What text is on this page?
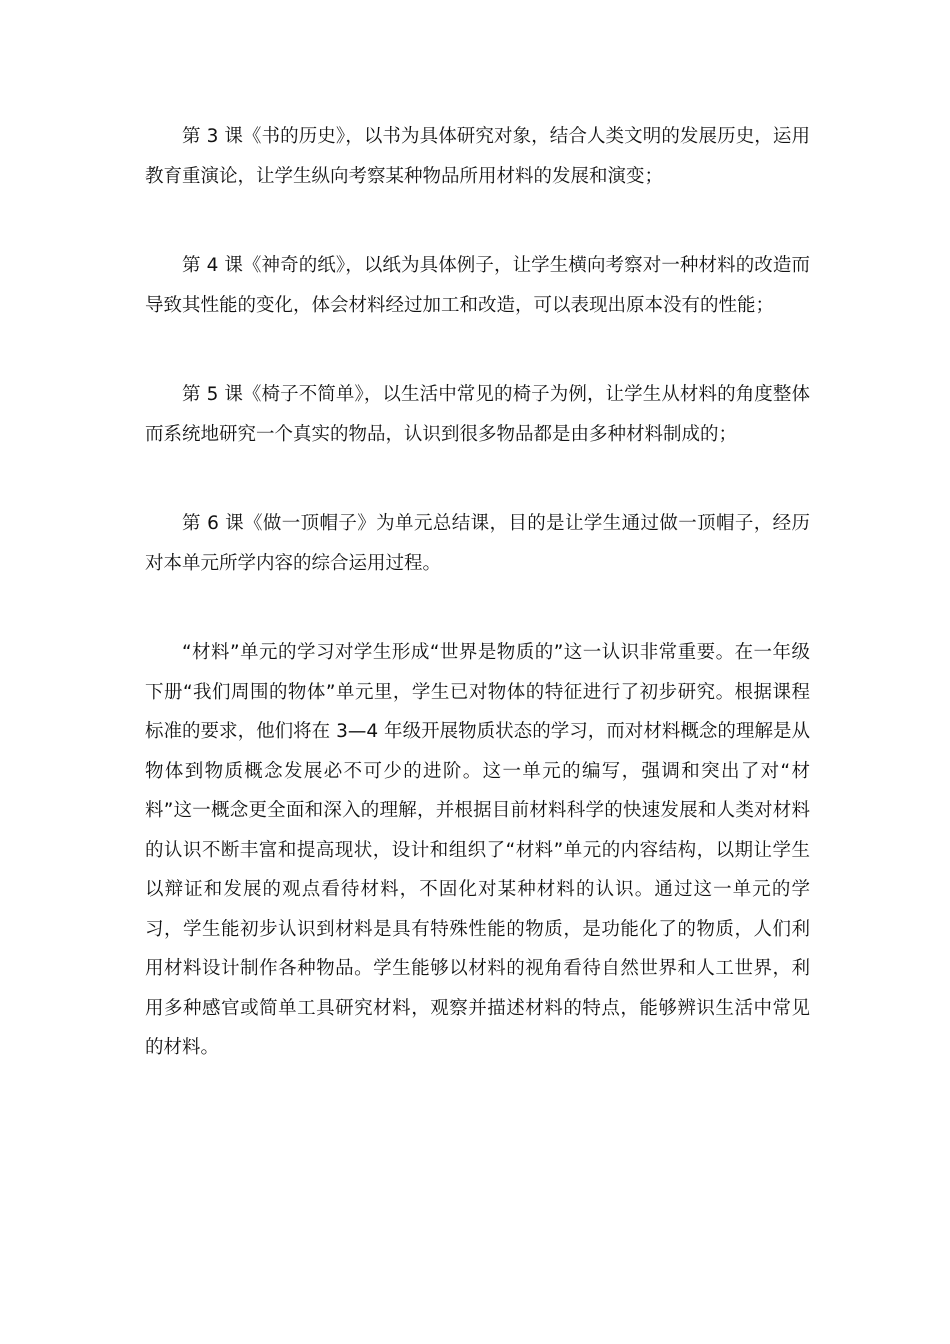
第 3 课《书的历史》，以书为具体研究对象，结合人类文明的发展历史，运用教育重演论，让学生纵向考察某种物品所用材料的发展和演变；

第 4 课《神奇的纸》，以纸为具体例子，让学生横向考察对一种材料的改造而导致其性能的变化，体会材料经过加工和改造，可以表现出原本没有的性能；

第 5 课《椅子不简单》，以生活中常见的椅子为例，让学生从材料的角度整体而系统地研究一个真实的物品，认识到很多物品都是由多种材料制成的；

第 6 课《做一顶帽子》为单元总结课，目的是让学生通过做一顶帽子，经历对本单元所学内容的综合运用过程。

“材料”单元的学习对学生形成“世界是物质的”这一认识非常重要。在一年级下册“我们周围的物体”单元里，学生已对物体的特征进行了初步研究。根据课程标准的要求，他们将在 3—4 年级开展物质状态的学习，而对材料概念的理解是从物体到物质概念发展必不可少的进阶。这一单元的编写，强调和突出了对“材料”这一概念更全面和深入的理解，并根据目前材料科学的快速发展和人类对材料的认识不断丰富和提高现状，设计和组织了“材料”单元的内容结构，以期让学生以辩证和发展的观点看待材料，不固化对某种材料的认识。通过这一单元的学习，学生能初步认识到材料是具有特殊性能的物质，是功能化了的物质，人们利用材料设计制作各种物品。学生能够以材料的视角看待自然世界和人工世界，利用多种感官或简单工具研究材料，观察并描述材料的特点，能够辨识生活中常见的材料。
